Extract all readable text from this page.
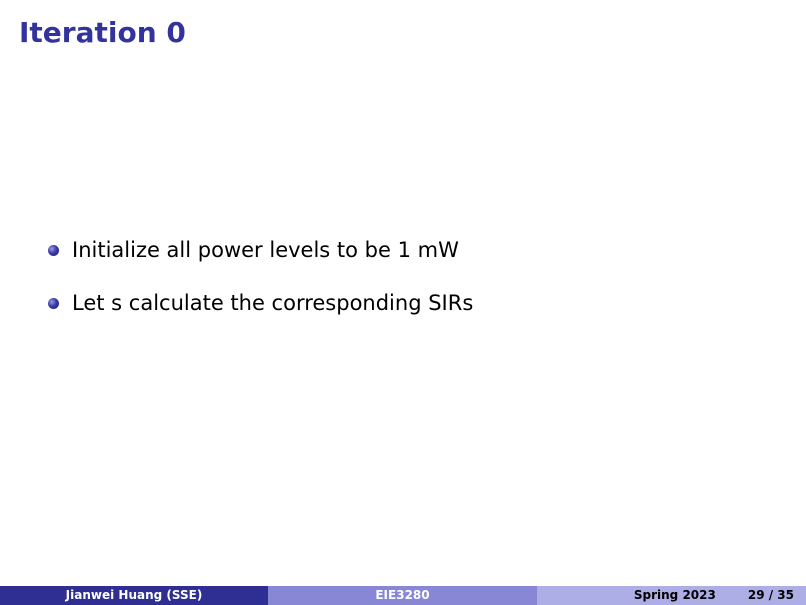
Iteration 0
Initialize all power levels to be 1 mW
Let s calculate the corresponding SIRs
Jianwei Huang (SSE)	EIE3280	Spring 2023	29 / 35
